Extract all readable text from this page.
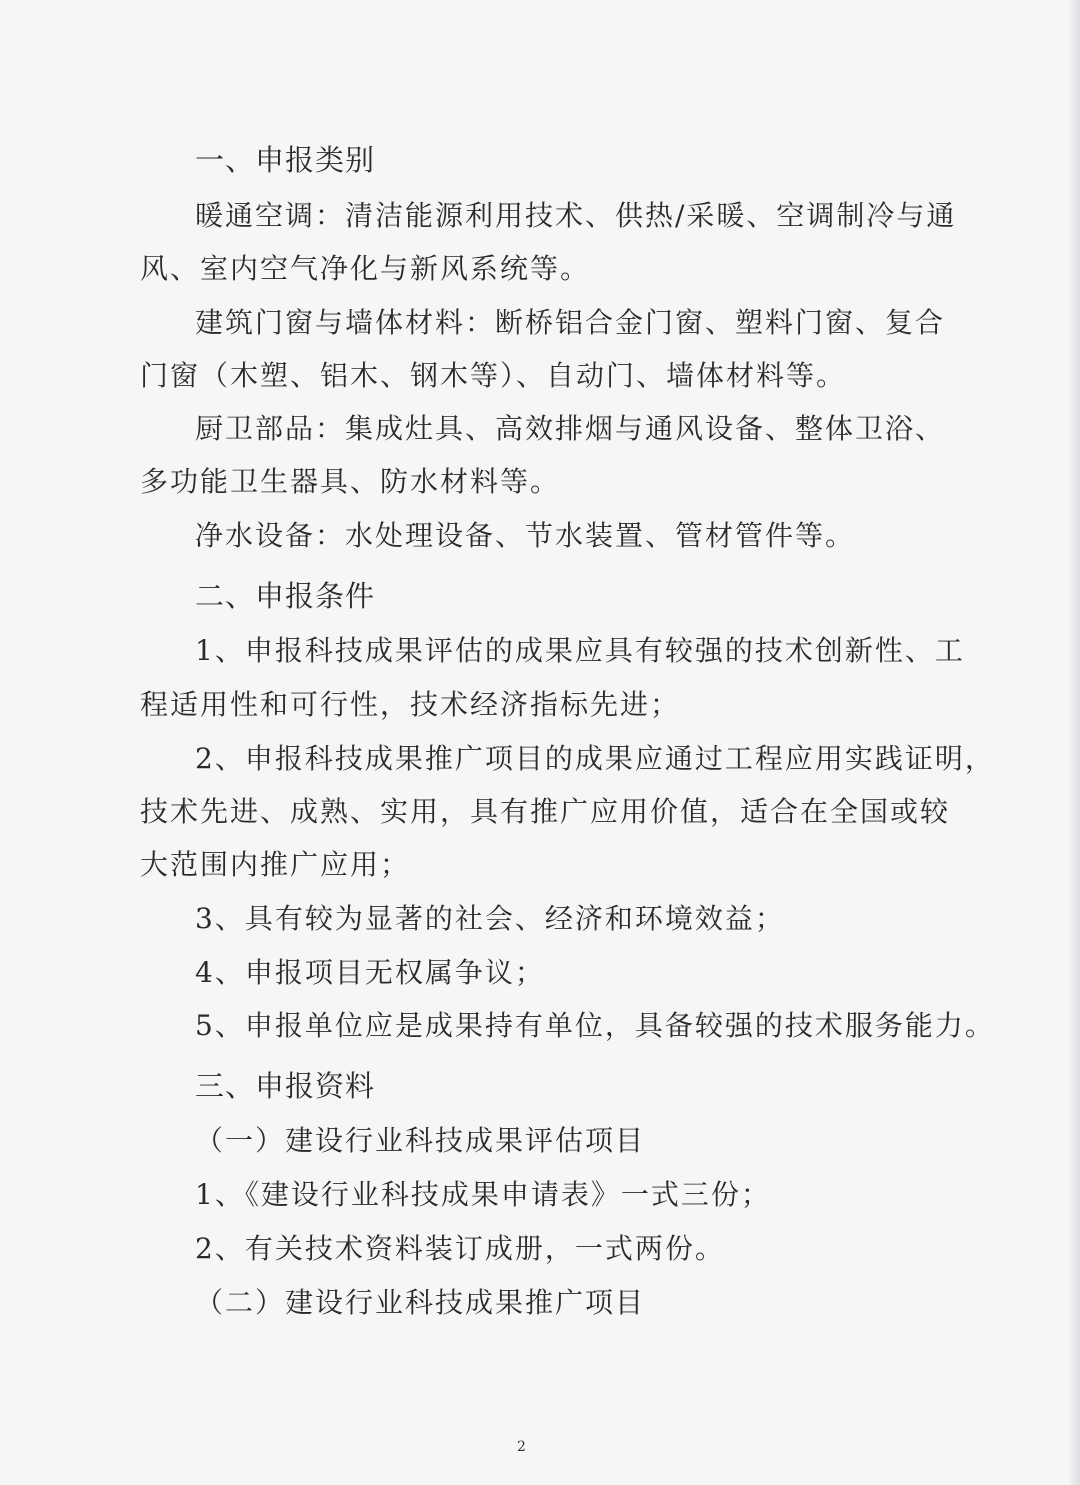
一、申报类别
暖通空调：清洁能源利用技术、供热/采暖、空调制冷与通
风、室内空气净化与新风系统等。
建筑门窗与墙体材料：断桥铝合金门窗、塑料门窗、复合
门窗（木塑、铝木、钢木等）、自动门、墙体材料等。
厨卫部品：集成灶具、高效排烟与通风设备、整体卫浴、
多功能卫生器具、防水材料等。
净水设备：水处理设备、节水装置、管材管件等。
二、申报条件
1、申报科技成果评估的成果应具有较强的技术创新性、工
程适用性和可行性，技术经济指标先进；
2、申报科技成果推广项目的成果应通过工程应用实践证明，
技术先进、成熟、实用，具有推广应用价值，适合在全国或较
大范围内推广应用；
3、具有较为显著的社会、经济和环境效益；
4、申报项目无权属争议；
5、申报单位应是成果持有单位，具备较强的技术服务能力。
三、申报资料
（一）建设行业科技成果评估项目
1、《建设行业科技成果申请表》一式三份；
2、有关技术资料装订成册，一式两份。
（二）建设行业科技成果推广项目
2
